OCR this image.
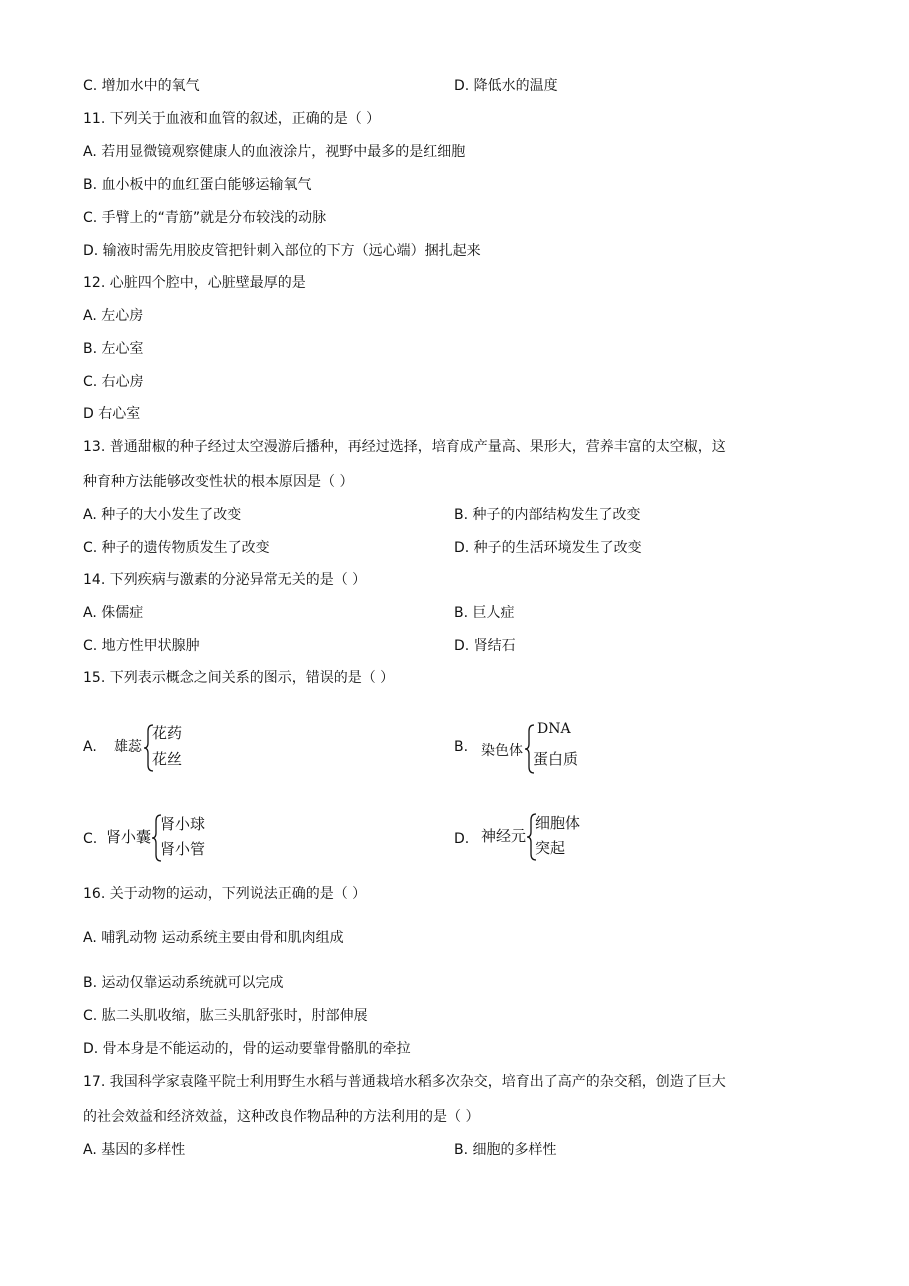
C. 增加水中的氧气	D. 降低水的温度
11. 下列关于血液和血管的叙述，正确的是（ ）
A. 若用显微镜观察健康人的血液涂片，视野中最多的是红细胞
B. 血小板中的血红蛋白能够运输氧气
C. 手臂上的“青筋”就是分布较浅的动脉
D. 输液时需先用胶皮管把针刺入部位的下方（远心端）捆扎起来
12. 心脏四个腔中，心脏壁最厚的是
A. 左心房
B. 左心室
C. 右心房
D 右心室
13. 普通甜椒的种子经过太空漫游后播种，再经过选择，培育成产量高、果形大，营养丰富的太空椒，这
种育种方法能够改变性状的根本原因是（ ）
A. 种子的大小发生了改变	B. 种子的内部结构发生了改变
C. 种子的遗传物质发生了改变	D. 种子的生活环境发生了改变
14. 下列疾病与激素的分泌异常无关的是（ ）
A. 侏儒症	B. 巨人症
C. 地方性甲状腺肿	D. 肾结石
15. 下列表示概念之间关系的图示，错误的是（ ）
A. 雄蕊
花药
花丝
B. 染色体
DNA
蛋白质
C. 肾小囊
肾小球
肾小管
D. 神经元
细胞体
突起
16. 关于动物的运动，下列说法正确的是（ ）
A. 哺乳动物 运动系统主要由骨和肌肉组成
B. 运动仅靠运动系统就可以完成
C. 肱二头肌收缩，肱三头肌舒张时，肘部伸展
D. 骨本身是不能运动的，骨的运动要靠骨骼肌的牵拉
17. 我国科学家袁隆平院士利用野生水稻与普通栽培水稻多次杂交，培育出了高产的杂交稻，创造了巨大
的社会效益和经济效益，这种改良作物品种的方法利用的是（ ）
A. 基因的多样性	B. 细胞的多样性
